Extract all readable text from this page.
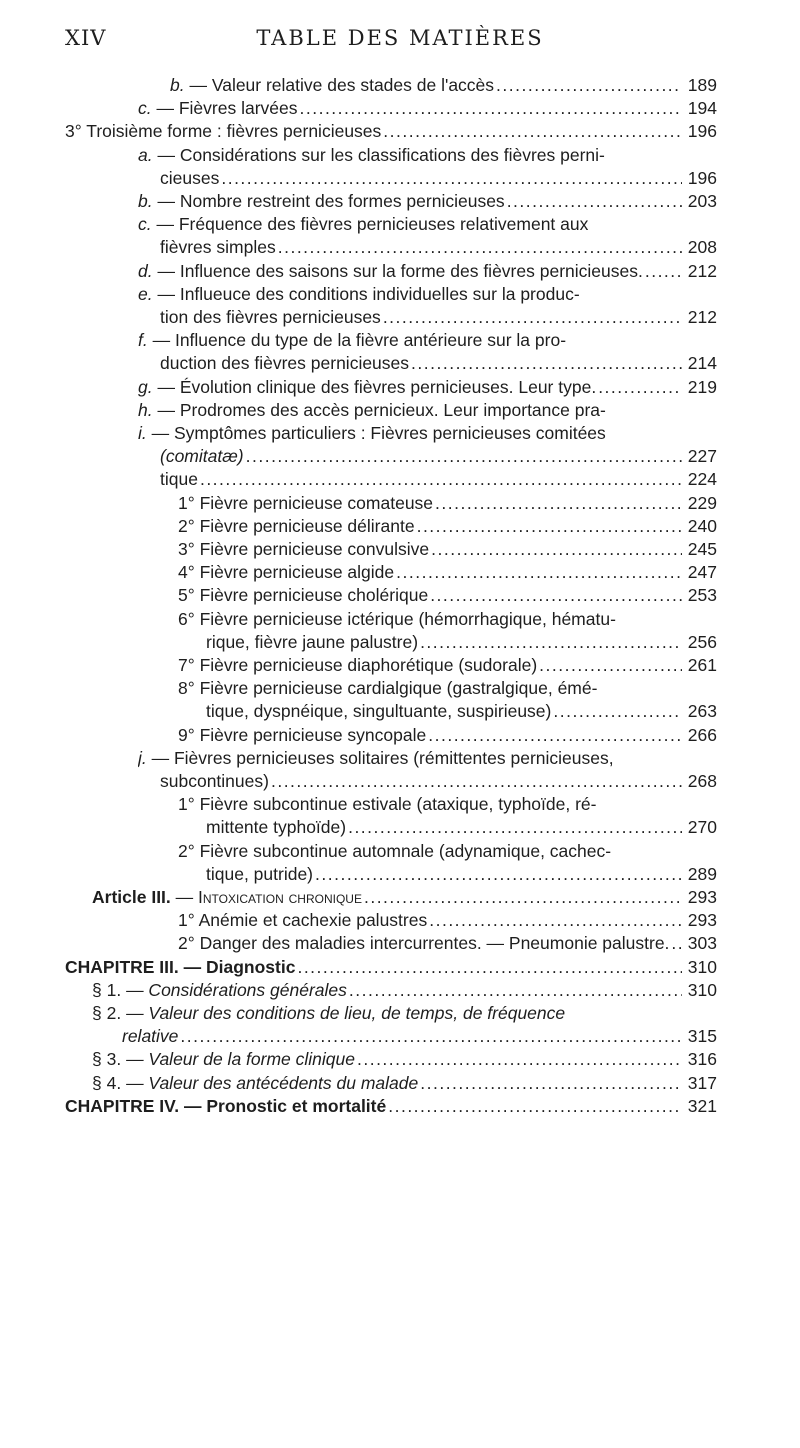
XIV	TABLE DES MATIÈRES
b. — Valeur relative des stades de l'accès	189
.....
c. — Fièvres larvées	194
.....
3° Troisième forme : fièvres pernicieuses	196
.....
a. — Considérations sur les classifications des fièvres perni-
cieuses	196
.....
b. — Nombre restreint des formes pernicieuses	203
.....
c. — Fréquence des fièvres pernicieuses relativement aux
fièvres simples	208
.....
d. — Influence des saisons sur la forme des fièvres pernicieuses.	212
.....
e. — Influeuce des conditions individuelles sur la produc-
tion des fièvres pernicieuses	212
.....
f. — Influence du type de la fièvre antérieure sur la pro-
duction des fièvres pernicieuses	214
.....
g. — Évolution clinique des fièvres pernicieuses. Leur type.	219
.....
h. — Prodromes des accès pernicieux. Leur importance pra-
i. — Symptômes particuliers : Fièvres pernicieuses comitées
(comitatæ)	227
.....
tique	224
.....
1° Fièvre pernicieuse comateuse	229
.....
2° Fièvre pernicieuse délirante	240
.....
3° Fièvre pernicieuse convulsive	245
.....
4° Fièvre pernicieuse algide	247
.....
5° Fièvre pernicieuse cholérique	253
.....
6° Fièvre pernicieuse ictérique (hémorrhagique, hématu-
rique, fièvre jaune palustre)	256
.....
7° Fièvre pernicieuse diaphorétique (sudorale)	261
.....
8° Fièvre pernicieuse cardialgique (gastralgique, émé-
tique, dyspnéique, singultuante, suspirieuse)	263
.....
9° Fièvre pernicieuse syncopale	266
.....
j. — Fièvres pernicieuses solitaires (rémittentes pernicieuses,
subcontinues)	268
.....
1° Fièvre subcontinue estivale (ataxique, typhoïde, ré-
mittente typhoïde)	270
.....
2° Fièvre subcontinue automnale (adynamique, cachec-
tique, putride)	289
.....
Article III. — Intoxication chronique	293
.....
1° Anémie et cachexie palustres	293
.....
2° Danger des maladies intercurrentes. — Pneumonie palustre. 303
.....
CHAPITRE III. — Diagnostic	310
.....
§ 1. — Considérations générales	310
.....
§ 2. — Valeur des conditions de lieu, de temps, de fréquence
relative	315
.....
§ 3. — Valeur de la forme clinique	316
.....
§ 4. — Valeur des antécédents du malade	317
.....
CHAPITRE IV. — Pronostic et mortalité	321
.....
